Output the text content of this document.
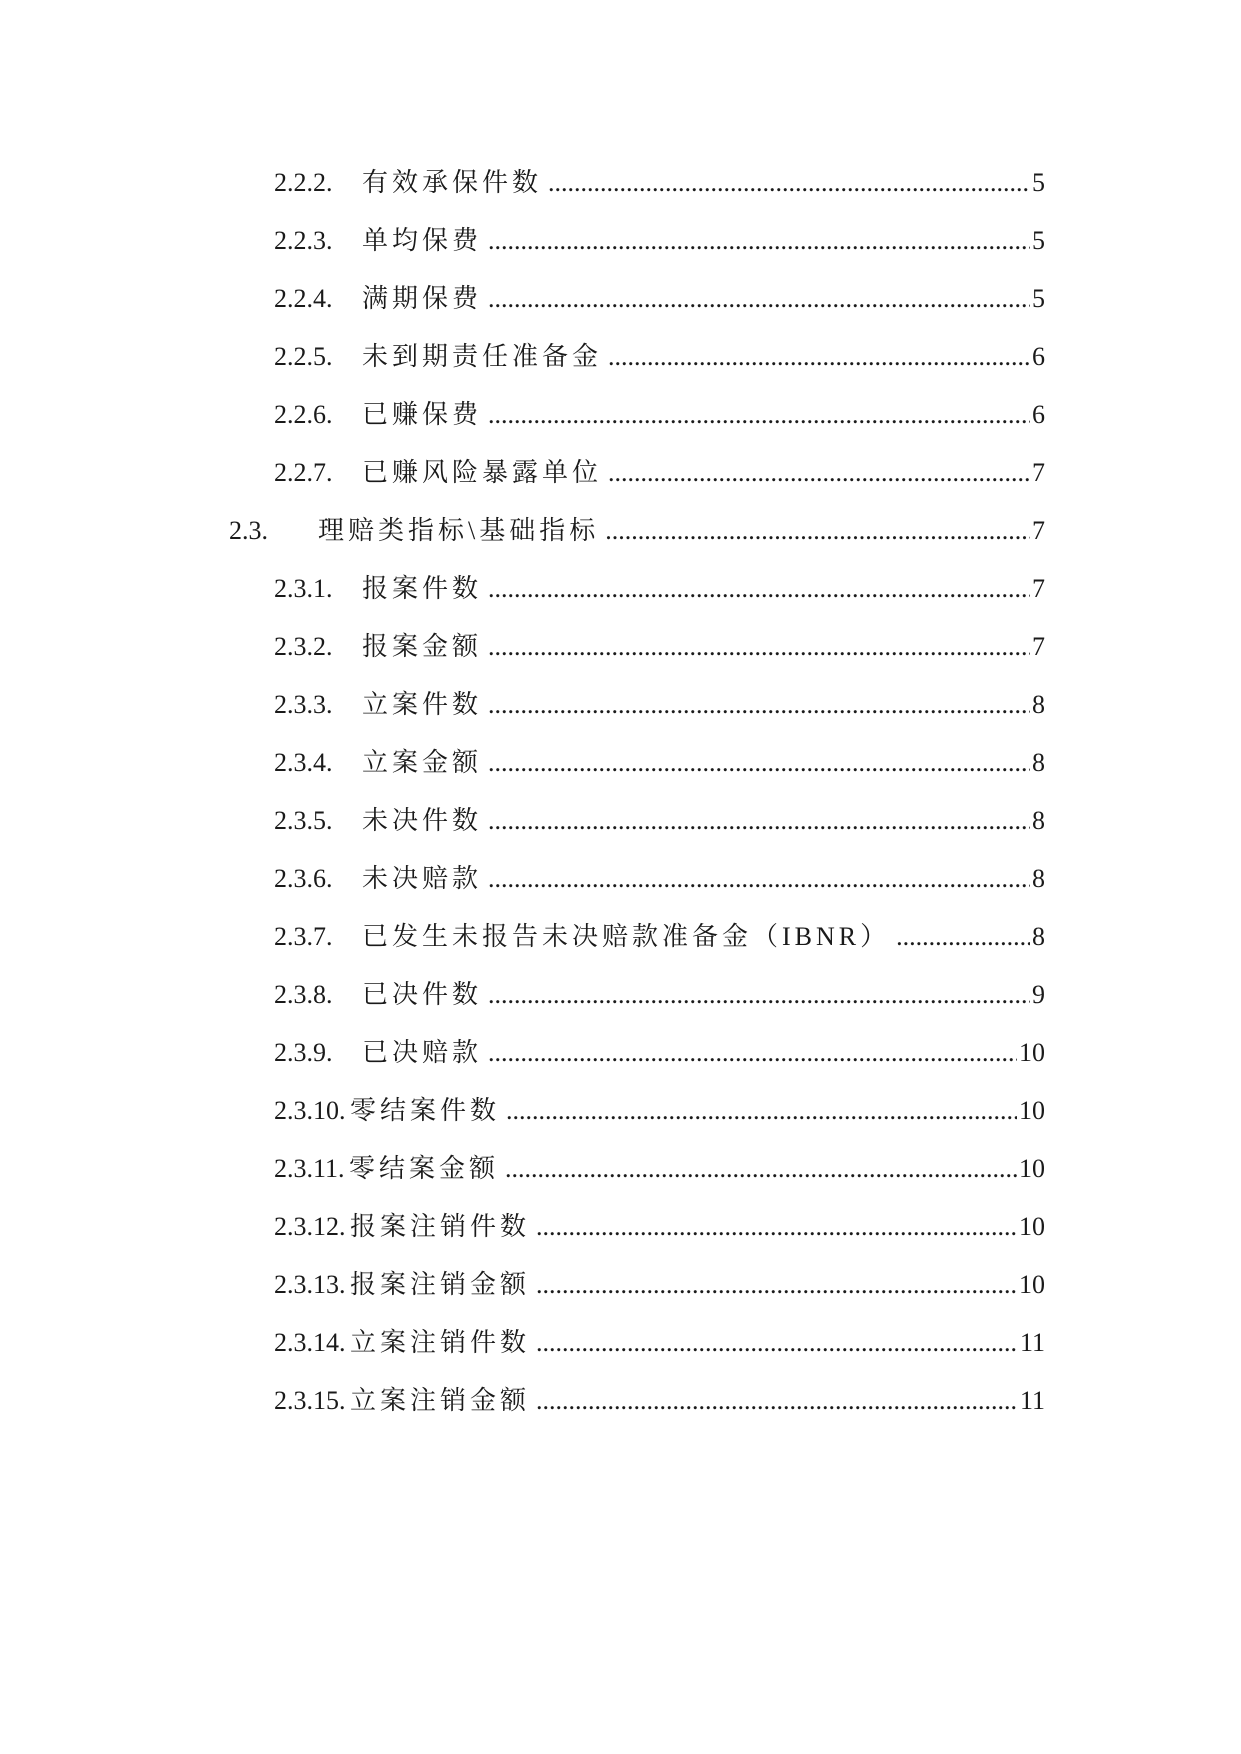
2.2.2. 有效承保件数 .....	5
2.2.3. 单均保费 .....	5
2.2.4. 满期保费 .....	5
2.2.5. 未到期责任准备金 .....	6
2.2.6. 已赚保费 .....	6
2.2.7. 已赚风险暴露单位 .....	7
2.3. 理赔类指标\基础指标 .....	7
2.3.1. 报案件数 .....	7
2.3.2. 报案金额 .....	7
2.3.3. 立案件数 .....	8
2.3.4. 立案金额 .....	8
2.3.5. 未决件数 .....	8
2.3.6. 未决赔款 .....	8
2.3.7. 已发生未报告未决赔款准备金（IBNR） .....	8
2.3.8. 已决件数 .....	9
2.3.9. 已决赔款 .....	10
2.3.10. 零结案件数 .....	10
2.3.11. 零结案金额 .....	10
2.3.12. 报案注销件数 .....	10
2.3.13. 报案注销金额 .....	10
2.3.14. 立案注销件数 .....	11
2.3.15. 立案注销金额 .....	11
